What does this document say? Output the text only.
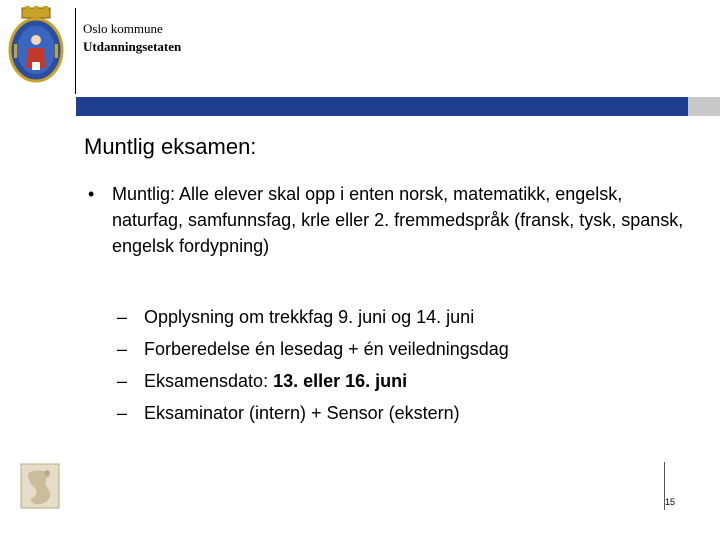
Oslo kommune
Utdanningsetaten
Muntlig eksamen:
• Muntlig: Alle elever skal opp i enten norsk, matematikk, engelsk, naturfag, samfunnsfag, krle eller 2. fremmedspråk (fransk, tysk, spansk, engelsk fordypning)
– Opplysning om trekkfag 9. juni og 14. juni
– Forberedelse én lesedag + én veiledningsdag
– Eksamensdato: 13. eller 16. juni
– Eksaminator (intern) + Sensor (ekstern)
15
